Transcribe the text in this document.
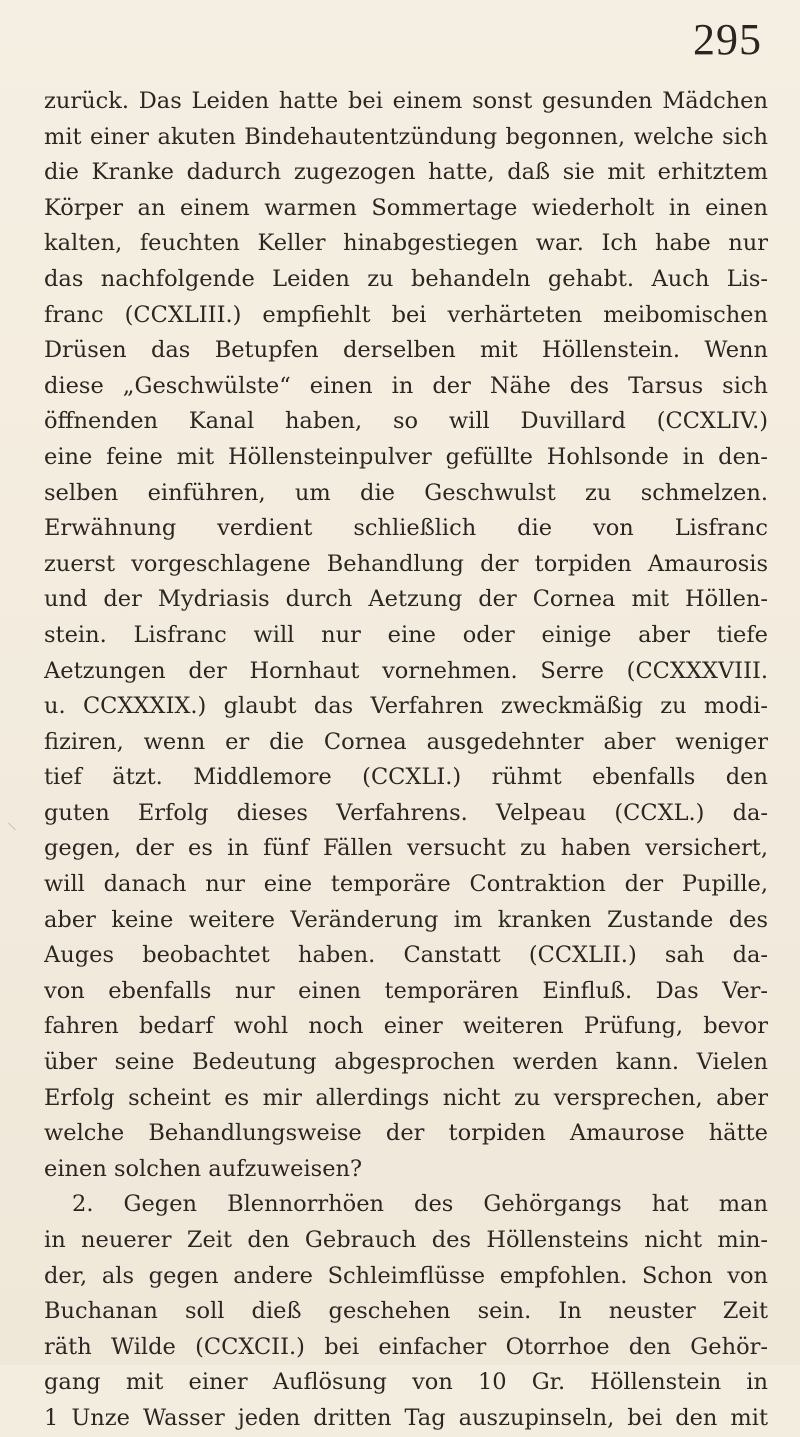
295
zurück. Das Leiden hatte bei einem sonst gesunden Mädchen
mit einer akuten Bindehautentzündung begonnen, welche sich
die Kranke dadurch zugezogen hatte, daß sie mit erhitztem
Körper an einem warmen Sommertage wiederholt in einen
kalten, feuchten Keller hinabgestiegen war. Ich habe nur
das nachfolgende Leiden zu behandeln gehabt. Auch Lis-
franc (CCXLIII.) empfiehlt bei verhärteten meibomischen
Drüsen das Betupfen derselben mit Höllenstein. Wenn
diese „Geschwülste“ einen in der Nähe des Tarsus sich
öffnenden Kanal haben, so will Duvillard (CCXLIV.)
eine feine mit Höllensteinpulver gefüllte Hohlsonde in den-
selben einführen, um die Geschwulst zu schmelzen.
Erwähnung verdient schließlich die von Lisfranc
zuerst vorgeschlagene Behandlung der torpiden Amaurosis
und der Mydriasis durch Aetzung der Cornea mit Höllen-
stein. Lisfranc will nur eine oder einige aber tiefe
Aetzungen der Hornhaut vornehmen. Serre (CCXXXVIII.
u. CCXXXIX.) glaubt das Verfahren zweckmäßig zu modi-
fiziren, wenn er die Cornea ausgedehnter aber weniger
tief ätzt. Middlemore (CCXLI.) rühmt ebenfalls den
guten Erfolg dieses Verfahrens. Velpeau (CCXL.) da-
gegen, der es in fünf Fällen versucht zu haben versichert,
will danach nur eine temporäre Contraktion der Pupille,
aber keine weitere Veränderung im kranken Zustande des
Auges beobachtet haben. Canstatt (CCXLII.) sah da-
von ebenfalls nur einen temporären Einfluß. Das Ver-
fahren bedarf wohl noch einer weiteren Prüfung, bevor
über seine Bedeutung abgesprochen werden kann. Vielen
Erfolg scheint es mir allerdings nicht zu versprechen, aber
welche Behandlungsweise der torpiden Amaurose hätte
einen solchen aufzuweisen?
2. Gegen Blennorrhöen des Gehörgangs hat man
in neuerer Zeit den Gebrauch des Höllensteins nicht min-
der, als gegen andere Schleimflüsse empfohlen. Schon von
Buchanan soll dieß geschehen sein. In neuster Zeit
räth Wilde (CCXCII.) bei einfacher Otorrhoe den Gehör-
gang mit einer Auflösung von 10 Gr. Höllenstein in
1 Unze Wasser jeden dritten Tag auszupinseln, bei den mit
